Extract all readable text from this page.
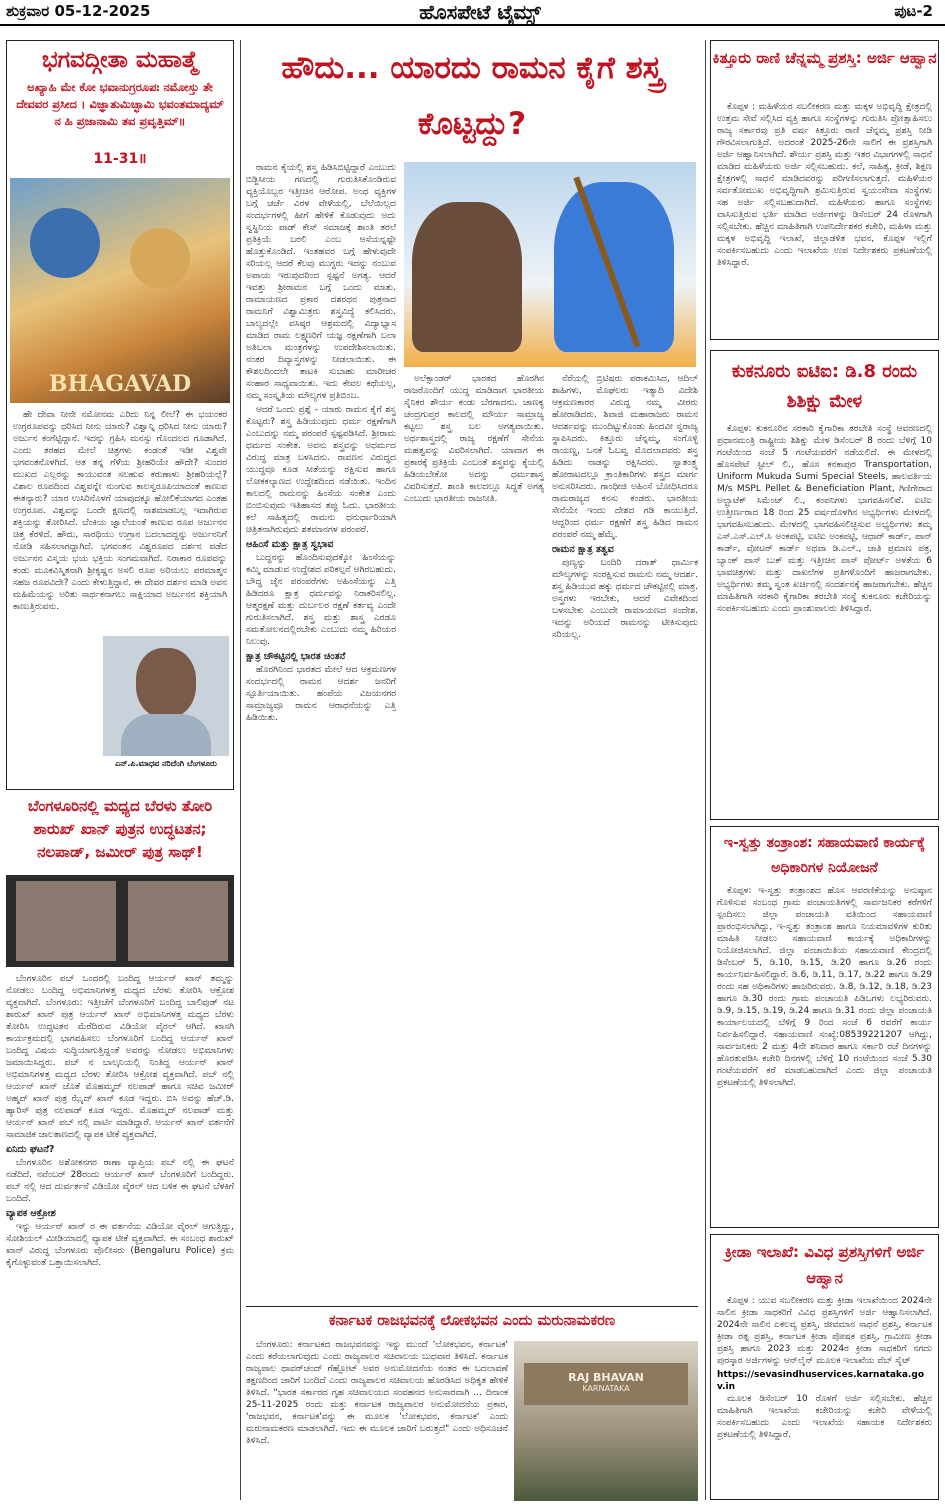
ಶುಕ್ರವಾರ 05-12-2025	ಹೊಸಪೇಟೆ ಟೈಮ್ಸ್	ಪುಟ-2
ಭಗವದ್ಗೀತಾ ಮಹಾತ್ಮೆ
ಅಖ್ಯಾಹಿ ಮೇ ಕೋ ಭವಾನುಗ್ರರೂಪಃ ನಮೋಸ್ತು ತೇ ದೇವವರ ಪ್ರಸೀದ । ವಿಜ್ಞಾತುಮಿಚ್ಛಾಮಿ ಭವಂತಮಾದ್ಯಮ್ ನ ಹಿ ಪ್ರಜಾನಾಮಿ ತವ ಪ್ರವೃತ್ತಿಮ್॥
11-31॥
BHAGAVAD

ಹೇ ದೇವಾ ನೀನೇ ನಮೋನಮ ಎರಿದು ನಿನ್ನ ಲೀಲೆ? ಈ ಭಯಂಕರ ಉಗ್ರರೂಪವನ್ನು ಧರಿಸಿದ ನೀನು ಯಾರು? ವಿಶ್ವಾನ್ನಿ ಧರಿಸಿದ ನೀನು ಯಾರು? ಅರ್ಜುನ ಕಂಗೆಟ್ಟಿದ್ದಾನೆ. ಇದನ್ನು ಗ್ರಹಿಸಿ ಮನಸ್ಸು ಗೊಂದಲದ ಗೂಡಾಗಿದೆ. ಎಂದು ತರಹದ ಮೇಲೆ ಚಿತ್ರಗಳು ಕಂಡಂತೆ ಇಡೀ ವಿಶ್ವವೇ ಭಗವಂತನೊಳಗಿದೆ. ಆತ ತನ್ನ ಗೆಳೆಯ ಶ್ರೀಹರಿಯೇ ಹೌದೇ? ಸುಂದರ ಮುಖದ ಎಲ್ಲರನ್ನು ಕಾಯುವಂತ ಸಲಹುವ ಕರುಣಾಳು ಶ್ರೀಹರಿಯಲ್ಲೆ? ವಿಶಾಲ ರೂಪದಿಂದ ವಿಶ್ವವನ್ನೇ ನುಂಗುವ ಕಾಲಸ್ವರೂಪಿಯಾದಂತೆ ಕಾಣುವ ಈತನ್ಯಾರು? ಯಾರ ಉಸಿರಿನೊಳಗೆ ಯಾವುದಕ್ಕೂ ಹೋಲಿಕೆಯಾಗದ ಎಂತಹ ಉಗ್ರರೂಪ. ವಿಶ್ವವನ್ನು ಒಂದೇ ಕ್ಷಣದಲ್ಲಿ ನಾಶಮಾಡಬಲ್ಲ ಇದಾಗಿರುವ ಶಕ್ತಿಯನ್ನು ತೋರಿಸಿದೆ. ಬೆಂಕಿಯ ಜ್ವಾಲೆಯಂತೆ ಕಾಣುವ ರೂಪ ಅರ್ಜುನನ ಚಿತ್ತ ಕೆರಳಿದೆ. ಹೌದು, ಸಾರಥಿಯು ಉಗ್ರಾನ ಬದಲಾದದ್ದನ್ನು ಅರ್ಜುನನಿಗೆ ನೋಡಿ ಸಹಿಸಲಾಗದ್ದಾಗಿದೆ. ಭಗವಂತನ ವಿಶ್ವರೂಪದ ದರ್ಶನ ಪಡೆದ ಅರ್ಜುನನ ವಿಸ್ಮಯ ಭಯ ಭಕ್ತಿಯ ಸಂಗಮವಾಗಿದೆ. ನಿರಾಕಾರ ರೂಪವನ್ನು ಕಂಡು ಮೂಕವಿಸ್ಮಿತನಾಗಿ ಶ್ರೀಕೃಷ್ಣನ ಅಸಲಿ ರೂಪ ಅರಿಯಲು ಪರಮಾತ್ಮನ ಸಹಜ ರೂಪವಿದೇ? ಎಂದು ಕೇಳುತ್ತಿದ್ದಾನೆ. ಈ ದೇವರ ದರ್ಶನ ಮಾಡಿ ಅವನ ಮಹಿಮೆಯನ್ನು ಅರಿತು ಸಾರ್ಥಕನಾಗಲು ಸಾಕ್ಷಿಯಾದ ಅರ್ಜುನನ ಶಕ್ತಿಯಾಗಿ ಕಾಣುತ್ತಿರುವನು.

ಎನ್.ಪಿ.ಮಾಧವ ನರಿದೆಂಗಿ ಬೆಂಗಳೂರು
ಬೆಂಗಳೂರಿನಲ್ಲಿ ಮಧ್ಯದ ಬೆರಳು ತೋರಿ ಶಾರುಖ್ ಖಾನ್ ಪುತ್ರನ ಉದ್ಧಟತನ; ನಲಪಾಡ್, ಜಮೀರ್ ಪುತ್ರ ಸಾಥ್!

ಬೆಂಗಳೂರಿನ ಪಬ್ ಒಂದರಲ್ಲಿ ಬಂದಿದ್ದ ಆರ್ಯನ್ ಖಾನ್ ತಮ್ಮನ್ನು ನೋಡಲು ಬಂದಿದ್ದ ಅಭಿಮಾನಿಗಳತ್ತ ಮಧ್ಯದ ಬೆರಳು ತೋರಿಸಿ ಆಕ್ರೋಶ ವ್ಯಕ್ತವಾಗಿದೆ. ಬೆಂಗಳೂರು: ಇತ್ತೀಚೆಗೆ ಬೆಂಗಳೂರಿಗೆ ಬಂದಿದ್ದ ಬಾಲಿವುಡ್ ನಟ ಶಾರುಖ್ ಖಾನ್ ಪುತ್ರ ಆರ್ಯನ್ ಖಾನ್ ಅಭಿಮಾನಿಗಳತ್ತ ಮಧ್ಯದ ಬೆರಳು ತೋರಿಸಿ ಉದ್ಧಟತನ ಮೆರೆದಿರುವ ವಿಡಿಯೋ ವೈರಲ್ ಆಗಿದೆ. ಖಾಸಗಿ ಕಾರ್ಯಕ್ರಮದಲ್ಲಿ ಭಾಗವಹಿಸಲು ಬೆಂಗಳೂರಿಗೆ ಬಂದಿದ್ದ ಆರ್ಯನ್ ಖಾನ್ ಬಂದಿದ್ದ ವಿಷಯ ಸುದ್ದಿಯಾಗುತ್ತಿದ್ದಂತೆ ಅವರನ್ನು ನೋಡಲು ಅಭಿಮಾನಿಗಳು ಜಮಾಯಿಸಿದ್ದರು. ಪಬ್ ನ ಬಾಲ್ಕನಿಯಲ್ಲಿ ನಿಂತಿದ್ದ ಆರ್ಯನ್ ಖಾನ್ ಅಭಿಮಾನಿಗಳತ್ತ ಮಧ್ಯದ ಬೆರಳು ತೋರಿಸಿ ಆಕ್ರೋಶ ವ್ಯಕ್ತವಾಗಿದೆ. ಪಬ್ ನಲ್ಲಿ ಆರ್ಯನ್ ಖಾನ್ ಜೊತೆ ಮೊಹಮ್ಮದ್ ನಲಪಾಡ್ ಹಾಗೂ ಸಚಿವ ಜಮೀರ್ ಅಹ್ಮದ್ ಖಾನ್ ಪುತ್ರ ಝೈದ್ ಖಾನ್ ಕೂಡ ಇದ್ದರು. ಬಿಸಿ ಅವನ್ನು ಹೆಚ್.ಡಿ. ಹ್ಯಾರಿಸ್ ಪುತ್ರ ನಲಪಾಡ್ ಕೂಡ ಇದ್ದರು. ಮೊಹಮ್ಮದ್ ನಲಪಾಡ್ ಮತ್ತು ಆರ್ಯನ್ ಖಾನ್ ಪಬ್ ನಲ್ಲಿ ಪಾರ್ಟಿ ಮಾಡಿದ್ದಾರೆ. ಆರ್ಯನ್ ಖಾನ್ ವರ್ತನೆಗೆ ಸಾಮಾಜಿಕ ಜಾಲತಾಣದಲ್ಲಿ ವ್ಯಾಪಕ ಟೀಕೆ ವ್ಯಕ್ತವಾಗಿದೆ.

ಏನಿದು ಘಟನೆ?

ಬೆಂಗಳೂರಿನ ಅಶೋಕನಗರ ಠಾಣಾ ವ್ಯಾಪ್ತಿಯ ಪಬ್ ನಲ್ಲಿ ಈ ಘಟನೆ ನಡೆದಿದೆ. ನವೆಂಬರ್ 28ರಂದು ಆರ್ಯನ್ ಖಾನ್ ಬೆಂಗಳೂರಿಗೆ ಬಂದಿದ್ದರು. ಪಬ್ ನಲ್ಲಿ ಆದ ದುರ್ವರ್ತನೆ ವಿಡಿಯೋ ವೈರಲ್ ಆದ ಬಳಿಕ ಈ ಘಟನೆ ಬೆಳಕಿಗೆ ಬಂದಿದೆ.

ವ್ಯಾಪಕ ಆಕ್ರೋಶ

ಇನ್ನು ಆರ್ಯನ್ ಖಾನ್ ರ ಈ ವರ್ತನೆಯ ವಿಡಿಯೋ ವೈರಲ್ ಆಗುತ್ತಿದ್ದು, ಸೋಶಿಯಲ್ ಮೀಡಿಯಾದಲ್ಲಿ ವ್ಯಾಪಕ ಟೀಕೆ ವ್ಯಕ್ತವಾಗಿದೆ. ಈ ಸಂಬಂಧ ಶಾರುಖ್ ಖಾನ್ ವಿರುದ್ಧ ಬೆಂಗಳೂರು ಪೊಲೀಸರು (Bengaluru Police) ಕ್ರಮ ಕೈಗೊಳ್ಳುವಂತೆ ಒತ್ತಾಯಿಸಲಾಗಿದೆ.

ಹೌದು... ಯಾರದು ರಾಮನ ಕೈಗೆ ಶಸ್ತ್ರ ಕೊಟ್ಟದ್ದು?

ರಾಮನ ಕೈಯಲ್ಲಿ ಶಸ್ತ್ರ ಹಿಡಿಸಿಬಿಟ್ಟಿದ್ದಾರೆ ಎಂಬುದು ಬಿಡ್ಜಿಸೀಯ ಗಣದಲ್ಲಿ ಗುರುತಿಸಿಕೊಂಡಿರುವ ವ್ಯಕ್ತಿಯೊಬ್ಬರ ಇತ್ತೀಚಿನ ಆರೋಪ. ಅಂಥ ವ್ಯಕ್ತಿಗಳ ಬಗ್ಗೆ ಚರ್ಚೆ ವಿರಳ ವೇಳೆಯಲ್ಲಿ, ಬೆಲೆಯಿಲ್ಲದ ಸಂದರ್ಭಗಳಲ್ಲಿ ಹೀಗೆ ಹೇಳಿಕೆ ಕೊಡುವುದು ಅದು ಸ್ವಸ್ಥಿನಿಯ ಪಾಡ್ ಕೇಸ್ ಸಮಾಜಕ್ಕೆ ಶಾಂತಿ ತರಲೆ ಪ್ರತಿಕ್ರಿಯೆ ಬರಲಿ ಎಂಬ ಆಸೆಯನ್ನಷ್ಟೇ ಹೊತ್ತುಕೊಂಡಿದೆ. ಇಂತಹವರ ಬಗ್ಗೆ ಹೇಳುವುದೇ ಸರಿಯಲ್ಲ ಆದರೆ ಕೆಲವು ಮುಗ್ಧರು ಇದನ್ನು ನಂಬುವ ಅಪಾಯ ಇರುವುದರಿಂದ ಸ್ಪಷ್ಟನೆ ಅಗತ್ಯ. ಆದರೆ ಇವತ್ತು ಶ್ರೀರಾಮನ ಬಗ್ಗೆ ಒಂದು ಮಾತು. ರಾಮಾಯಣದ ಪ್ರಕಾರ ದಶರಥನ ಪುತ್ರನಾದ ರಾಮನಿಗೆ ವಿಶ್ವಾಮಿತ್ರರು ಶಸ್ತ್ರವಿದ್ಯೆ ಕಲಿಸಿದರು. ಬಾಲ್ಯದಲ್ಲೇ ವಸಿಷ್ಠರ ಆಶ್ರಮದಲ್ಲಿ ವಿದ್ಯಾಭ್ಯಾಸ ಮಾಡಿದ ರಾಮ ಲಕ್ಷ್ಮಣರಿಗೆ ಯಜ್ಞ ರಕ್ಷಣೆಗಾಗಿ ಬಲಾ ಅತಿಬಲಾ ಮಂತ್ರಗಳನ್ನು ಉಪದೇಶಿಸಲಾಯಿತು. ನಂತರ ದಿವ್ಯಾಸ್ತ್ರಗಳನ್ನು ನೀಡಲಾಯಿತು. ಈ ಕೌಶಲದಿಂದಲೇ ತಾಟಕಿ ಸುಬಾಹು ಮಾರೀಚರ ಸಂಹಾರ ಸಾಧ್ಯವಾಯಿತು. ಇದು ಕೇವಲ ಕಥೆಯಲ್ಲ, ನಮ್ಮ ಸಂಸ್ಕೃತಿಯ ಮೌಲ್ಯಗಳ ಪ್ರತಿಬಿಂಬ.

ಆದರೆ ಒಂದು ಪ್ರಶ್ನೆ - ಯಾರು ರಾಮನ ಕೈಗೆ ಶಸ್ತ್ರ ಕೊಟ್ಟರು? ಶಸ್ತ್ರ ಹಿಡಿಯುವುದು ಧರ್ಮ ರಕ್ಷಣೆಗಾಗಿ ಎಂಬುದನ್ನು ನಮ್ಮ ಪರಂಪರೆ ಸ್ಪಷ್ಟಪಡಿಸಿದೆ. ಶ್ರೀರಾಮ ಧರ್ಮದ ಸಂಕೇತ. ಅವನು ಶಸ್ತ್ರವನ್ನು ಅಧರ್ಮದ ವಿರುದ್ಧ ಮಾತ್ರ ಬಳಸಿದನು. ರಾವಣನ ವಿರುದ್ಧದ ಯುದ್ಧವೂ ಕೂಡ ಸೀತೆಯನ್ನು ರಕ್ಷಿಸುವ ಹಾಗೂ ಲೋಕಕಲ್ಯಾಣದ ಉದ್ದೇಶದಿಂದ ನಡೆಯಿತು. ಇಂದಿನ ಕಾಲದಲ್ಲಿ ರಾಮನನ್ನು ಹಿಂಸೆಯ ಸಂಕೇತ ಎಂದು ಬಿಂಬಿಸುವುದು ಇತಿಹಾಸದ ತಪ್ಪು ಓದು. ಭಾರತೀಯ ಕಲೆ ಸಾಹಿತ್ಯದಲ್ಲಿ ರಾಮನು ಧನುರ್ಧಾರಿಯಾಗಿ ಚಿತ್ರಿತನಾಗಿರುವುದು ಶತಮಾನಗಳ ಪರಂಪರೆ.

ಆಹಿಂಸೆ ಮತ್ತು ಕ್ಷಾತ್ರ ಸ್ವಭಾವ

ಬುದ್ಧನನ್ನು ಹೊಂದಿಸುವುದಕ್ಕೋ ಹಿಂಸೆಯನ್ನು ಕಮ್ಮಿ ಮಾಡುವ ಉದ್ದೇಶದ ಪರಿಕಲ್ಪನೆ ಆಗಿರಬಹುದು. ಬೌದ್ಧ ಜೈನ ಪರಂಪರೆಗಳು ಅಹಿಂಸೆಯನ್ನು ಎತ್ತಿ ಹಿಡಿದರೂ ಕ್ಷಾತ್ರ ಧರ್ಮವನ್ನು ನಿರಾಕರಿಸಲಿಲ್ಲ. ಆತ್ಮರಕ್ಷಣೆ ಮತ್ತು ದುರ್ಬಲರ ರಕ್ಷಣೆ ಕರ್ತವ್ಯ ಎಂದೇ ಗುರುತಿಸಲಾಗಿದೆ. ಶಸ್ತ್ರ ಮತ್ತು ಶಾಸ್ತ್ರ ಎರಡೂ ಸಮತೋಲನದಲ್ಲಿರಬೇಕು ಎಂಬುದು ನಮ್ಮ ಹಿರಿಯರ ನಿಲುವು.

ಕ್ಷಾತ್ರ ಚೌಕಟ್ಟಿನಲ್ಲಿ ಭಾರತ ಚಿಂತನೆ

ಹೊರಗಿನಿಂದ ಭಾರತದ ಮೇಲೆ ಆದ ಆಕ್ರಮಣಗಳ ಸಂದರ್ಭದಲ್ಲಿ ರಾಮನ ಆದರ್ಶ ಜನರಿಗೆ ಸ್ಫೂರ್ತಿಯಾಯಿತು. ಹಂಪೆಯ ವಿಜಯನಗರ ಸಾಮ್ರಾಜ್ಯವೂ ರಾಮನ ಆರಾಧನೆಯನ್ನು ಎತ್ತಿ ಹಿಡಿಯಿತು.

ಅಲೆಕ್ಸಾಂಡರ್ ಭಾರತದ ಹೊರಗಿನ ರಾಜರೊಂದಿಗೆ ಯುದ್ಧ ಮಾಡಿದಾಗ ಭಾರತೀಯ ಸೈನಿಕರ ಶೌರ್ಯ ಕಂಡು ಬೆರಗಾದನು. ಚಾಣಕ್ಯ ಚಂದ್ರಗುಪ್ತರ ಕಾಲದಲ್ಲಿ ಮೌರ್ಯ ಸಾಮ್ರಾಜ್ಯ ಕಟ್ಟಲು ಶಸ್ತ್ರ ಬಲ ಅಗತ್ಯವಾಯಿತು. ಅರ್ಥಶಾಸ್ತ್ರದಲ್ಲಿ ರಾಜ್ಯ ರಕ್ಷಣೆಗೆ ಸೇನೆಯ ಮಹತ್ವವನ್ನು ವಿವರಿಸಲಾಗಿದೆ. ಯಾವಾಗ ಈ ಪ್ರಕಾರಕ್ಕೆ ಪ್ರತಿಕ್ರಿಯೆ ಎಂಬಂತೆ ಶಸ್ತ್ರವನ್ನು ಕೈಯಲ್ಲಿ ಹಿಡಿಯಬೇಕೋ ಅದನ್ನು ಧರ್ಮಶಾಸ್ತ್ರ ವಿವರಿಸುತ್ತದೆ. ಶಾಂತಿ ಕಾಲದಲ್ಲೂ ಸಿದ್ಧತೆ ಅಗತ್ಯ ಎಂಬುದು ಭಾರತೀಯ ರಾಜನೀತಿ.

ನೆರೆಯಲ್ಲಿ ಬ್ರಿಟಿಷರು ಪರಾಕಮಿಸಿದ, ಆದಿಲ್ ಶಾಹಿಗಳು, ಮೊಘಲರು ಇತ್ಯಾದಿ ವಿದೇಶಿ ಆಕ್ರಮಣಕಾರರ ವಿರುದ್ಧ ನಮ್ಮ ವೀರರು ಹೋರಾಡಿದರು. ಶಿವಾಜಿ ಮಹಾರಾಜರು ರಾಮನ ಆದರ್ಶವನ್ನು ಮುಂದಿಟ್ಟುಕೊಂಡು ಹಿಂದವೀ ಸ್ವರಾಜ್ಯ ಸ್ಥಾಪಿಸಿದರು. ಕಿತ್ತೂರು ಚೆನ್ನಮ್ಮ, ಸಂಗೊಳ್ಳಿ ರಾಯಣ್ಣ, ಒನಕೆ ಓಬವ್ವ ಮೊದಲಾದವರು ಶಸ್ತ್ರ ಹಿಡಿದು ನಾಡನ್ನು ರಕ್ಷಿಸಿದರು. ಸ್ವಾತಂತ್ರ್ಯ ಹೋರಾಟದಲ್ಲೂ ಕ್ರಾಂತಿಕಾರಿಗಳು ಶಸ್ತ್ರದ ಮಾರ್ಗ ಅನುಸರಿಸಿದರು. ಗಾಂಧೀಜಿ ಅಹಿಂಸೆ ಬೋಧಿಸಿದರೂ ರಾಮರಾಜ್ಯದ ಕನಸು ಕಂಡರು. ಭಾರತೀಯ ಸೇನೆಯೇ ಇಂದು ದೇಶದ ಗಡಿ ಕಾಯುತ್ತಿದೆ. ಆದ್ದರಿಂದ ಧರ್ಮ ರಕ್ಷಣೆಗೆ ಶಸ್ತ್ರ ಹಿಡಿದ ರಾಮನ ಪರಂಪರೆ ನಮ್ಮ ಹೆಮ್ಮೆ.

ರಾಮನ ಕ್ಷಾತ್ರ ತತ್ವವ

ಪುಣ್ಯನ್ನು ಬಂದಿರಿ ದರಾತ್ ಧಾರ್ಮಿಕ ಮೌಲ್ಯಗಳನ್ನು ಸಂರಕ್ಷಿಸುವ ರಾಮನು ನಮ್ಮ ಆದರ್ಶ. ಶಸ್ತ್ರ ಹಿಡಿಯುವ ಹಕ್ಕು ಧರ್ಮದ ಚೌಕಟ್ಟಿನಲ್ಲಿ ಮಾತ್ರ. ಅಸ್ತ್ರಗಳು ಇರಬೇಕು, ಆದರೆ ವಿವೇಕದಿಂದ ಬಳಸಬೇಕು ಎಂಬುದೇ ರಾಮಾಯಣದ ಸಂದೇಶ. ಇದನ್ನು ಅರಿಯದೆ ರಾಮನನ್ನು ಟೀಕಿಸುವುದು ಸರಿಯಲ್ಲ.

ಕರ್ನಾಟಕ ರಾಜಭವನಕ್ಕೆ ಲೋಕಭವನ ಎಂದು ಮರುನಾಮಕರಣ

ಬೆಂಗಳೂರು: ಕರ್ನಾಟಕದ ರಾಜಭವನವನ್ನು ಇನ್ನು ಮುಂದೆ 'ಲೋಕಭವನ, ಕರ್ನಾಟಕ' ಎಂದು ಕರೆಯಲಾಗುವುದು ಎಂದು ರಾಜ್ಯಪಾಲರ ಸಚಿವಾಲಯ ಬುಧವಾರ ತಿಳಿಸಿದೆ. ಕರ್ನಾಟಕ ರಾಜ್ಯಪಾಲ ಥಾವರ್‌ಚಂದ್ ಗೆಹ್ಲೋಟ್ ಅವರ ಅನುಮೋದನೆಯ ನಂತರ ಈ ಬದಲಾವಣೆ ತಕ್ಷಣದಿಂದ ಜಾರಿಗೆ ಬಂದಿದೆ ಎಂದು ರಾಜ್ಯಪಾಲರ ಸಚಿವಾಲಯ ಹೊರಡಿಸಿದ ಅಧಿಕೃತ ಹೇಳಿಕೆ ತಿಳಿಸಿದೆ. "ಭಾರತ ಸರ್ಕಾರದ ಗೃಹ ಸಚಿವಾಲಯದ ಸಂವಹನದ ಅನುಸಾರವಾಗಿ ... ದಿನಾಂಕ 25-11-2025 ರಂದು ಮತ್ತು ಕರ್ನಾಟಕ ರಾಜ್ಯಪಾಲರ ಅನುಮೋದನೆಯ ಪ್ರಕಾರ, 'ರಾಜಭವನ, ಕರ್ನಾಟಕ'ವನ್ನು ಈ ಮೂಲಕ 'ಲೋಕಭವನ, ಕರ್ನಾಟಕ' ಎಂದು ಮರುನಾಮಕರಣ ಮಾಡಲಾಗಿದೆ. ಇದು ಈ ಮೂಲಕ ಜಾರಿಗೆ ಬರುತ್ತದೆ" ಎಂದು ಅಧಿಸೂಚನೆ ತಿಳಿಸಿದೆ.

RAJ BHAVAN
KARNATAKA
ಕಿತ್ತೂರು ರಾಣಿ ಚೆನ್ನಮ್ಮ ಪ್ರಶಸ್ತಿ: ಅರ್ಜಿ ಆಹ್ವಾನ

ಕೊಪ್ಪಳ : ಮಹಿಳೆಯರ ಸಬಲೀಕರಣ ಮತ್ತು ಮಕ್ಕಳ ಅಭಿವೃದ್ಧಿ ಕ್ಷೇತ್ರದಲ್ಲಿ ಉತ್ತಮ ಸೇವೆ ಸಲ್ಲಿಸಿದ ವ್ಯಕ್ತಿ ಹಾಗೂ ಸಂಸ್ಥೆಗಳನ್ನು ಗುರುತಿಸಿ ಪ್ರೋತ್ಸಾಹಿಸಲು ರಾಜ್ಯ ಸರ್ಕಾರವು ಪ್ರತಿ ವರ್ಷ ಕಿತ್ತೂರು ರಾಣಿ ಚೆನ್ನಮ್ಮ ಪ್ರಶಸ್ತಿ ನೀಡಿ ಗೌರವಿಸಲಾಗುತ್ತಿದೆ. ಅದರಂತೆ 2025-26ನೇ ಸಾಲಿಗೆ ಈ ಪ್ರಶಸ್ತಿಗಾಗಿ ಅರ್ಜಿ ಆಹ್ವಾನಿಸಲಾಗಿದೆ. ಶೌರ್ಯ ಪ್ರಶಸ್ತಿ ಮತ್ತು ಇತರ ವಿಭಾಗಗಳಲ್ಲಿ ಸಾಧನೆ ಮಾಡಿದ ಮಹಿಳೆಯರು ಅರ್ಜಿ ಸಲ್ಲಿಸಬಹುದು. ಕಲೆ, ಸಾಹಿತ್ಯ, ಕ್ರೀಡೆ, ಶಿಕ್ಷಣ ಕ್ಷೇತ್ರಗಳಲ್ಲಿ ಸಾಧನೆ ಮಾಡಿದವರನ್ನು ಪರಿಗಣಿಸಲಾಗುತ್ತದೆ. ಮಹಿಳೆಯರ ಸರ್ವತೋಮುಖ ಅಭಿವೃದ್ಧಿಗಾಗಿ ಶ್ರಮಿಸುತ್ತಿರುವ ಸ್ವಯಂಸೇವಾ ಸಂಸ್ಥೆಗಳು ಸಹ ಅರ್ಜಿ ಸಲ್ಲಿಸಬಹುದಾಗಿದೆ. ಮಹಿಳೆಯರು ಹಾಗೂ ಸಂಸ್ಥೆಗಳು ವಾಸಿಸುತ್ತಿರುವ ಭರ್ತಿ ಮಾಡಿದ ಅರ್ಜಿಗಳನ್ನು ಡಿಸೆಂಬರ್ 24 ರೊಳಗಾಗಿ ಸಲ್ಲಿಸಬೇಕು. ಹೆಚ್ಚಿನ ಮಾಹಿತಿಗಾಗಿ ಉಪನಿರ್ದೇಶಕರ ಕಚೇರಿ, ಮಹಿಳಾ ಮತ್ತು ಮಕ್ಕಳ ಅಭಿವೃದ್ಧಿ ಇಲಾಖೆ, ಜಿಲ್ಲಾಡಳಿತ ಭವನ, ಕೊಪ್ಪಳ ಇಲ್ಲಿಗೆ ಸಂಪರ್ಕಿಸಬಹುದು ಎಂದು ಇಲಾಖೆಯ ಉಪ ನಿರ್ದೇಶಕರು ಪ್ರಕಟಣೆಯಲ್ಲಿ ತಿಳಿಸಿದ್ದಾರೆ.

ಕುಕನೂರು ಐಟಿಐ: ಡಿ.8 ರಂದು ಶಿಶಿಕ್ಷು ಮೇಳ

ಕೊಪ್ಪಳ: ಕುಕನೂರಿನ ಸರಕಾರಿ ಕೈಗಾರಿಕಾ ತರಬೇತಿ ಸಂಸ್ಥೆ ಆವರಣದಲ್ಲಿ ಪ್ರಧಾನಮಂತ್ರಿ ರಾಷ್ಟ್ರೀಯ ಶಿಶಿಕ್ಷು ಮೇಳ ಡಿಸೆಂಬರ್ 8 ರಂದು ಬೆಳಿಗ್ಗೆ 10 ಗಂಟೆಯಿಂದ ಸಂಜೆ 5 ಗಂಟೆಯವರೆಗೆ ನಡೆಯಲಿದೆ. ಈ ಮೇಳದಲ್ಲಿ ಹೊಸಪೇಟೆ ಸ್ಟೀಲ್ ಲಿ., ಹೊಸ ಕನಕಾಪುರ Transportation, Uniform Mukuda Sumi Special Steels, ಹಾಲವರ್ತಿಯ M/s MSPL Pellet & Beneficiation Plant, ಗಿಣಿಗೇರಾದ ಅಲ್ಟ್ರಾಟೆಕ್ ಸಿಮೆಂಟ್ ಲಿ., ಕಂಪನಿಗಳು ಭಾಗವಹಿಸಲಿವೆ. ಐಟಿಐ ಉತ್ತೀರ್ಣರಾದ 18 ರಿಂದ 25 ವರ್ಷದೊಳಗಿನ ಅಭ್ಯರ್ಥಿಗಳು ಮೇಳದಲ್ಲಿ ಭಾಗವಹಿಸಬಹುದು. ಮೇಳದಲ್ಲಿ ಭಾಗವಹಿಸಲಿಚ್ಛಿಸುವ ಅಭ್ಯರ್ಥಿಗಳು ತಮ್ಮ ಎಸ್.ಎಸ್.ಎಲ್.ಸಿ ಅಂಕಪಟ್ಟಿ, ಐಟಿಐ ಅಂಕಪಟ್ಟಿ, ಆಧಾರ್ ಕಾರ್ಡ್, ಪಾನ್ ಕಾರ್ಡ್, ವೋಟರ್ ಕಾರ್ಡ್ ಅಥವಾ ಡಿ.ಎಲ್., ಜಾತಿ ಪ್ರಮಾಣ ಪತ್ರ, ಬ್ಯಾಂಕ್ ಪಾಸ್ ಬುಕ್ ಮತ್ತು ಇತ್ತೀಚಿನ ಪಾಸ್ ಪೋರ್ಟ್ ಅಳತೆಯ 6 ಭಾವಚಿತ್ರಗಳು ಮತ್ತು ದಾಖಲೆಗಳ ಪ್ರತಿಗಳೊಂದಿಗೆ ಹಾಜರಾಗಬೇಕು. ಅಭ್ಯರ್ಥಿಗಳು ತಮ್ಮ ಸ್ವಂತ ಖರ್ಚಿನಲ್ಲಿ ಸಂದರ್ಶನಕ್ಕೆ ಹಾಜರಾಗಬೇಕು. ಹೆಚ್ಚಿನ ಮಾಹಿತಿಗಾಗಿ ಸರಕಾರಿ ಕೈಗಾರಿಕಾ ತರಬೇತಿ ಸಂಸ್ಥೆ ಕುಕನೂರು ಕಚೇರಿಯನ್ನು ಸಂಪರ್ಕಿಸಬಹುದು ಎಂದು ಪ್ರಾಂಶುಪಾಲರು ತಿಳಿಸಿದ್ದಾರೆ.

ಇ-ಸ್ವತ್ತು ತಂತ್ರಾಂಶ: ಸಹಾಯವಾಣಿ ಕಾರ್ಯಕ್ಕೆ ಅಧಿಕಾರಿಗಳ ನಿಯೋಜನೆ

ಕೊಪ್ಪಳ: ಇ-ಸ್ವತ್ತು ತಂತ್ರಾಂಶದ ಹೊಸ ಆವರಣಿಕೆಯನ್ನು ಅನುಷ್ಠಾನ ಗೊಳಿಸುವ ಸಂಬಂಧ ಗ್ರಾಮ ಪಂಚಾಯತಿಗಳಲ್ಲಿ ಸಾರ್ವಜನಿಕರ ಕರೆಗಳಿಗೆ ಸ್ಪಂದಿಸಲು ಜಿಲ್ಲಾ ಪಂಚಾಯತಿ ವತಿಯಿಂದ ಸಹಾಯವಾಣಿ ಪ್ರಾರಂಭಿಸಲಾಗಿದ್ದು, ಇ-ಸ್ವತ್ತು ತಂತ್ರಾಂಶ ಹಾಗೂ ನಿಯಮಾವಳಿಗಳ ಕುರಿತು ಮಾಹಿತಿ ನೀಡಲು ಸಹಾಯವಾಣಿ ಕಾರ್ಯಕ್ಕೆ ಅಧಿಕಾರಿಗಳನ್ನು ನಿಯೋಜಿಸಲಾಗಿದೆ. ಜಿಲ್ಲಾ ಪಂಚಾಯಿತಿಯ ಸಹಾಯವಾಣಿ ಕೇಂದ್ರದಲ್ಲಿ ಡಿಸೆಂಬರ್ 5, ಡಿ.10, ಡಿ.15, ಡಿ.20 ಹಾಗೂ ಡಿ.26 ರಂದು ಕಾರ್ಯನಿರ್ವಹಿಸಲಿದ್ದಾರೆ. ಡಿ.6, ಡಿ.11, ಡಿ.17, ಡಿ.22 ಹಾಗೂ ಡಿ.29 ರಂದು ಸಹ ಅಧಿಕಾರಿಗಳು ಹಾಜರಿರುವರು. ಡಿ.8, ಡಿ.12, ಡಿ.18, ಡಿ.23 ಹಾಗೂ ಡಿ.30 ರಂದು ಗ್ರಾಮ ಪಂಚಾಯತಿ ಪಿಡಿಒಗಳು ಲಭ್ಯರಿರುವರು. ಡಿ.9, ಡಿ.15, ಡಿ.19, ಡಿ.24 ಹಾಗೂ ಡಿ.31 ರಂದು ಜಿಲ್ಲಾ ಪಂಚಾಯತಿ ಕಾರ್ಯಾಲಯದಲ್ಲಿ ಬೆಳಿಗ್ಗೆ 9 ರಿಂದ ಸಂಜೆ 6 ರವರೆಗೆ ಕಾರ್ಯ ನಿರ್ವಹಿಸಲಿದ್ದಾರೆ. ಸಹಾಯವಾಣಿ ಸಂಖ್ಯೆ:08539221207 ಆಗಿದ್ದು, ಸಾರ್ವಜನಿಕರು 2 ಮತ್ತು 4ನೇ ಶನಿವಾರ ಹಾಗೂ ಸರ್ಕಾರಿ ರಜೆ ದಿನಗಳನ್ನು ಹೊರತುಪಡಿಸಿ ಕಚೇರಿ ದಿನಗಳಲ್ಲಿ ಬೆಳಿಗ್ಗೆ 10 ಗಂಟೆಯಿಂದ ಸಂಜೆ 5.30 ಗಂಟೆಯವರೆಗೆ ಕರೆ ಮಾಡಬಹುದಾಗಿದೆ ಎಂದು ಜಿಲ್ಲಾ ಪಂಚಾಯತಿ ಪ್ರಕಟಣೆಯಲ್ಲಿ ತಿಳಿಸಲಾಗಿದೆ.

ಕ್ರೀಡಾ ಇಲಾಖೆ: ವಿವಿಧ ಪ್ರಶಸ್ತಿಗಳಿಗೆ ಅರ್ಜಿ ಆಹ್ವಾನ

ಕೊಪ್ಪಳ : ಯುವ ಸಬಲೀಕರಣ ಮತ್ತು ಕ್ರೀಡಾ ಇಲಾಖೆಯಿಂದ 2024ನೇ ಸಾಲಿನ ಕ್ರೀಡಾ ಸಾಧಕರಿಗೆ ವಿವಿಧ ಪ್ರಶಸ್ತಿಗಳಿಗೆ ಅರ್ಜಿ ಆಹ್ವಾನಿಸಲಾಗಿದೆ. 2024ನೇ ಸಾಲಿನ ಏಕಲವ್ಯ ಪ್ರಶಸ್ತಿ, ಜೀವಮಾನ ಸಾಧನೆ ಪ್ರಶಸ್ತಿ, ಕರ್ನಾಟಕ ಕ್ರೀಡಾ ರತ್ನ ಪ್ರಶಸ್ತಿ, ಕರ್ನಾಟಕ ಕ್ರೀಡಾ ಪೋಷಕ ಪ್ರಶಸ್ತಿ, ಗ್ರಾಮೀಣ ಕ್ರೀಡಾ ಪ್ರಶಸ್ತಿ ಹಾಗೂ 2023 ಮತ್ತು 2024ರ ಕ್ರೀಡಾ ಸಾಧಕರಿಗೆ ನಗದು ಪುರಸ್ಕಾರ ಅರ್ಜಿಗಳನ್ನು ಆನ್‌ಲೈನ್ ಮೂಲಕ ಇಲಾಖೆಯ ವೆಬ್ ಸೈಟ್

https://sevasindhuservices.karnataka.gov.in

ಮೂಲಕ ಡಿಸೆಂಬರ್ 10 ರೊಳಗೆ ಅರ್ಜಿ ಸಲ್ಲಿಸಬೇಕು. ಹೆಚ್ಚಿನ ಮಾಹಿತಿಗಾಗಿ ಇಲಾಖೆಯ ಕಚೇರಿಯನ್ನು ಕಚೇರಿ ವೇಳೆಯಲ್ಲಿ ಸಂಪರ್ಕಿಸಬಹುದು ಎಂದು ಇಲಾಖೆಯ ಸಹಾಯಕ ನಿರ್ದೇಶಕರು ಪ್ರಕಟಣೆಯಲ್ಲಿ ತಿಳಿಸಿದ್ದಾರೆ.
